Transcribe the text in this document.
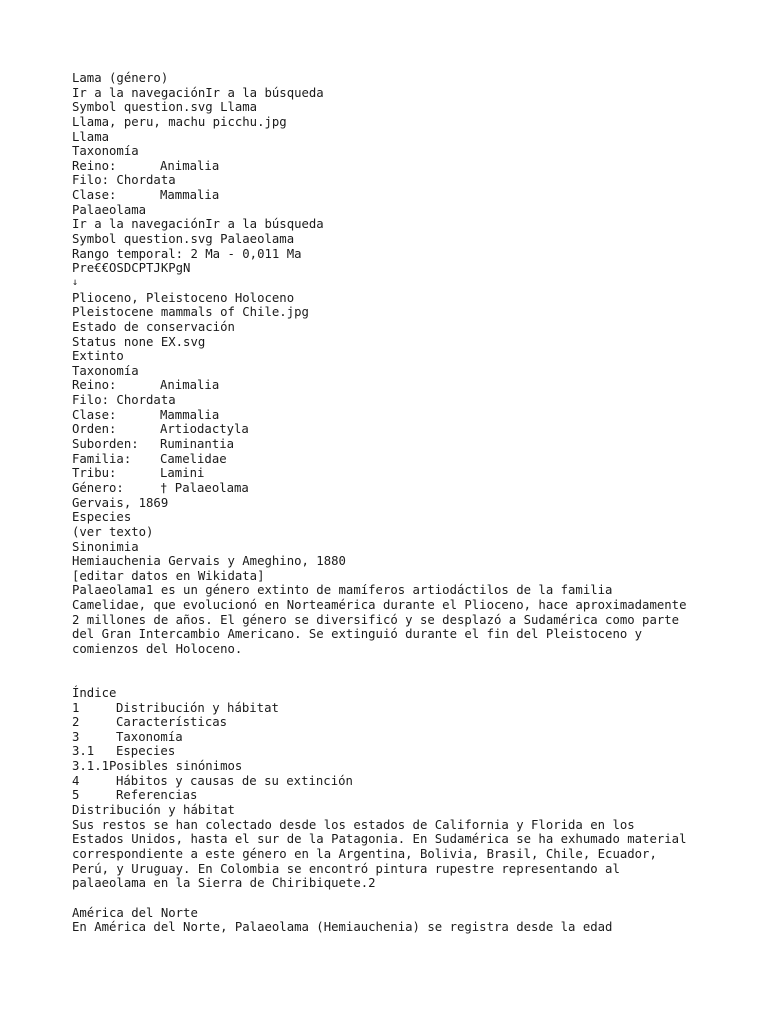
Lama (género)
Ir a la navegaciónIr a la búsqueda
Symbol question.svg Llama
Llama, peru, machu picchu.jpg
Llama
Taxonomía
Reino:	Animalia
Filo: Chordata
Clase:	Mammalia
Palaeolama
Ir a la navegaciónIr a la búsqueda
Symbol question.svg Palaeolama
Rango temporal: 2 Ma - 0,011 Ma
Pre€€OSDCPTJKPgN
↓
Plioceno, Pleistoceno Holoceno
Pleistocene mammals of Chile.jpg
Estado de conservación
Status none EX.svg
Extinto
Taxonomía
Reino:	Animalia
Filo: Chordata
Clase:	Mammalia
Orden:	Artiodactyla
Suborden: Ruminantia
Familia: Camelidae
Tribu:	Lamini
Género:	† Palaeolama
Gervais, 1869
Especies
(ver texto)
Sinonimia
Hemiauchenia Gervais y Ameghino, 1880
[editar datos en Wikidata]
Palaeolama1 es un género extinto de mamíferos artiodáctilos de la familia
Camelidae, que evolucionó en Norteamérica durante el Plioceno, hace aproximadamente
2 millones de años. El género se diversificó y se desplazó a Sudamérica como parte
del Gran Intercambio Americano. Se extinguió durante el fin del Pleistoceno y
comienzos del Holoceno.
Índice
1	Distribución y hábitat
2	Características
3	Taxonomía
3.1 Especies
3.1.1Posibles sinónimos
4	Hábitos y causas de su extinción
5	Referencias
Distribución y hábitat
Sus restos se han colectado desde los estados de California y Florida en los
Estados Unidos, hasta el sur de la Patagonia. En Sudamérica se ha exhumado material
correspondiente a este género en la Argentina, Bolivia, Brasil, Chile, Ecuador,
Perú, y Uruguay. En Colombia se encontró pintura rupestre representando al
palaeolama en la Sierra de Chiribiquete.2
América del Norte
En América del Norte, Palaeolama (Hemiauchenia) se registra desde la edad
